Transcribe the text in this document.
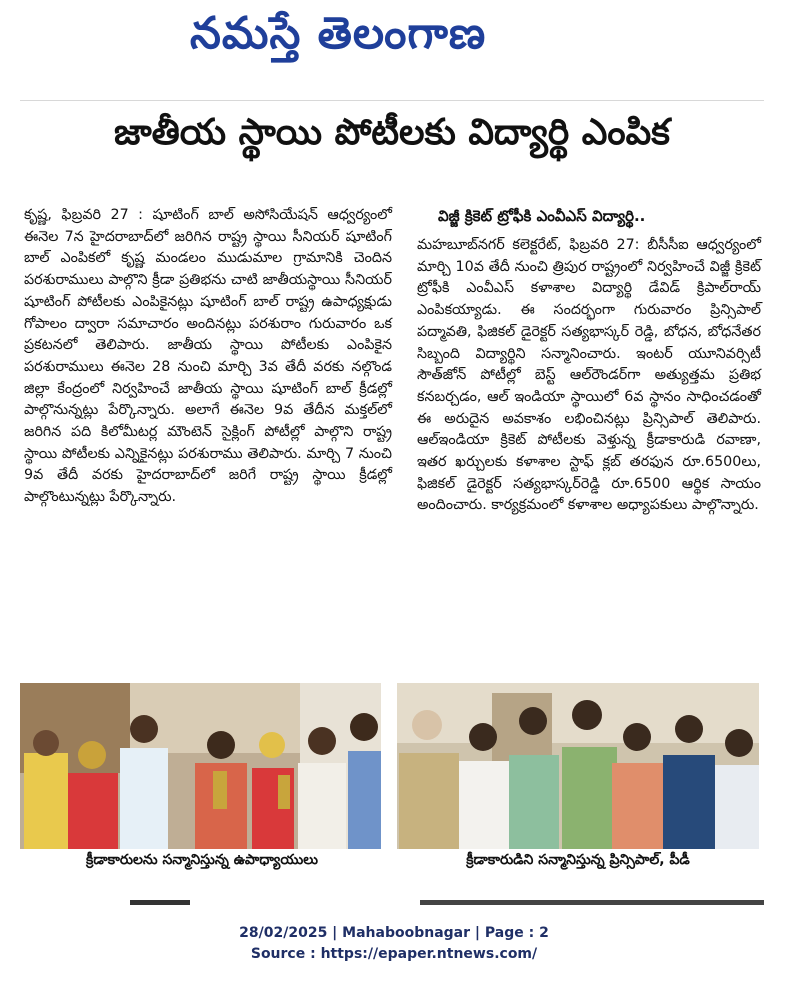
నమస్తే తెలంగాణ
జాతీయ స్థాయి పోటీలకు విద్యార్థి ఎంపిక

కృష్ణ, ఫిబ్రవరి 27 : షూటింగ్ బాల్ అసోసియేషన్ ఆధ్వర్యంలో ఈనెల 7న హైదరాబాద్‌లో జరిగిన రాష్ట్ర స్థాయి సీనియర్ షూటింగ్ బాల్ ఎంపికలో కృష్ణ మండలం ముడుమాల గ్రామానికి చెందిన పరశురాములు పాల్గొని క్రీడా ప్రతిభను చాటి జాతీయస్థాయి సీనియర్ షూటింగ్ పోటీలకు ఎంపికైనట్లు షూటింగ్ బాల్ రాష్ట్ర ఉపాధ్యక్షుడు గోపాలం ద్వారా సమాచారం అందినట్లు పరశురాం గురువారం ఒక ప్రకటనలో తెలిపారు. జాతీయ స్థాయి పోటీలకు ఎంపికైన పరశురాములు ఈనెల 28 నుంచి మార్చి 3వ తేదీ వరకు నల్గొండ జిల్లా కేంద్రంలో నిర్వహించే జాతీయ స్థాయి షూటింగ్ బాల్ క్రీడల్లో పాల్గొనున్నట్లు పేర్కొన్నారు. అలాగే ఈనెల 9వ తేదీన మక్తల్‌లో జరిగిన పది కిలోమీటర్ల మౌంటెన్ సైక్లింగ్ పోటీల్లో పాల్గొని రాష్ట్ర స్థాయి పోటీలకు ఎన్నికైనట్లు పరశురాము తెలిపారు. మార్చి 7 నుంచి 9వ తేదీ వరకు హైదరాబాద్‌లో జరిగే రాష్ట్ర స్థాయి క్రీడల్లో పాల్గొంటున్నట్లు పేర్కొన్నారు.

విజ్జీ క్రికెట్ ట్రోఫీకి ఎంవీఎస్ విద్యార్థి..

మహబూబ్‌నగర్ కలెక్టరేట్, ఫిబ్రవరి 27: బీసీసీఐ ఆధ్వర్యంలో మార్చి 10వ తేదీ నుంచి త్రిపుర రాష్ట్రంలో నిర్వహించే విజ్జీ క్రికెట్ ట్రోఫీకి ఎంవీఎస్ కళాశాల విద్యార్థి డేవిడ్ క్రిపాల్‌రాయ్ ఎంపికయ్యాడు. ఈ సందర్భంగా గురువారం ప్రిన్సిపాల్ పద్మావతి, ఫిజికల్ డైరెక్టర్ సత్యభాస్కర్ రెడ్డి, బోధన, బోధనేతర సిబ్బంది విద్యార్థిని సన్మానించారు. ఇంటర్ యూనివర్సిటీ సౌత్‌జోన్ పోటీల్లో బెస్ట్ ఆల్‌రౌండర్‌గా అత్యుత్తమ ప్రతిభ కనబర్చడం, ఆల్ ఇండియా స్థాయిలో 6వ స్థానం సాధించడంతో ఈ అరుదైన అవకాశం లభించినట్లు ప్రిన్సిపాల్ తెలిపారు. ఆల్‌ఇండియా క్రికెట్ పోటీలకు వెళ్తున్న క్రీడాకారుడి రవాణా, ఇతర ఖర్చులకు కళాశాల స్టాఫ్ క్లబ్ తరఫున రూ.6500లు, ఫిజికల్ డైరెక్టర్ సత్యభాస్కర్‌రెడ్డి రూ.6500 ఆర్థిక సాయం అందించారు. కార్యక్రమంలో కళాశాల అధ్యాపకులు పాల్గొన్నారు.

క్రీడాకారులను సన్మానిస్తున్న ఉపాధ్యాయులు	క్రీడాకారుడిని సన్మానిస్తున్న ప్రిన్సిపాల్, పీడీ
28/02/2025 | Mahaboobnagar | Page : 2
Source : https://epaper.ntnews.com/
